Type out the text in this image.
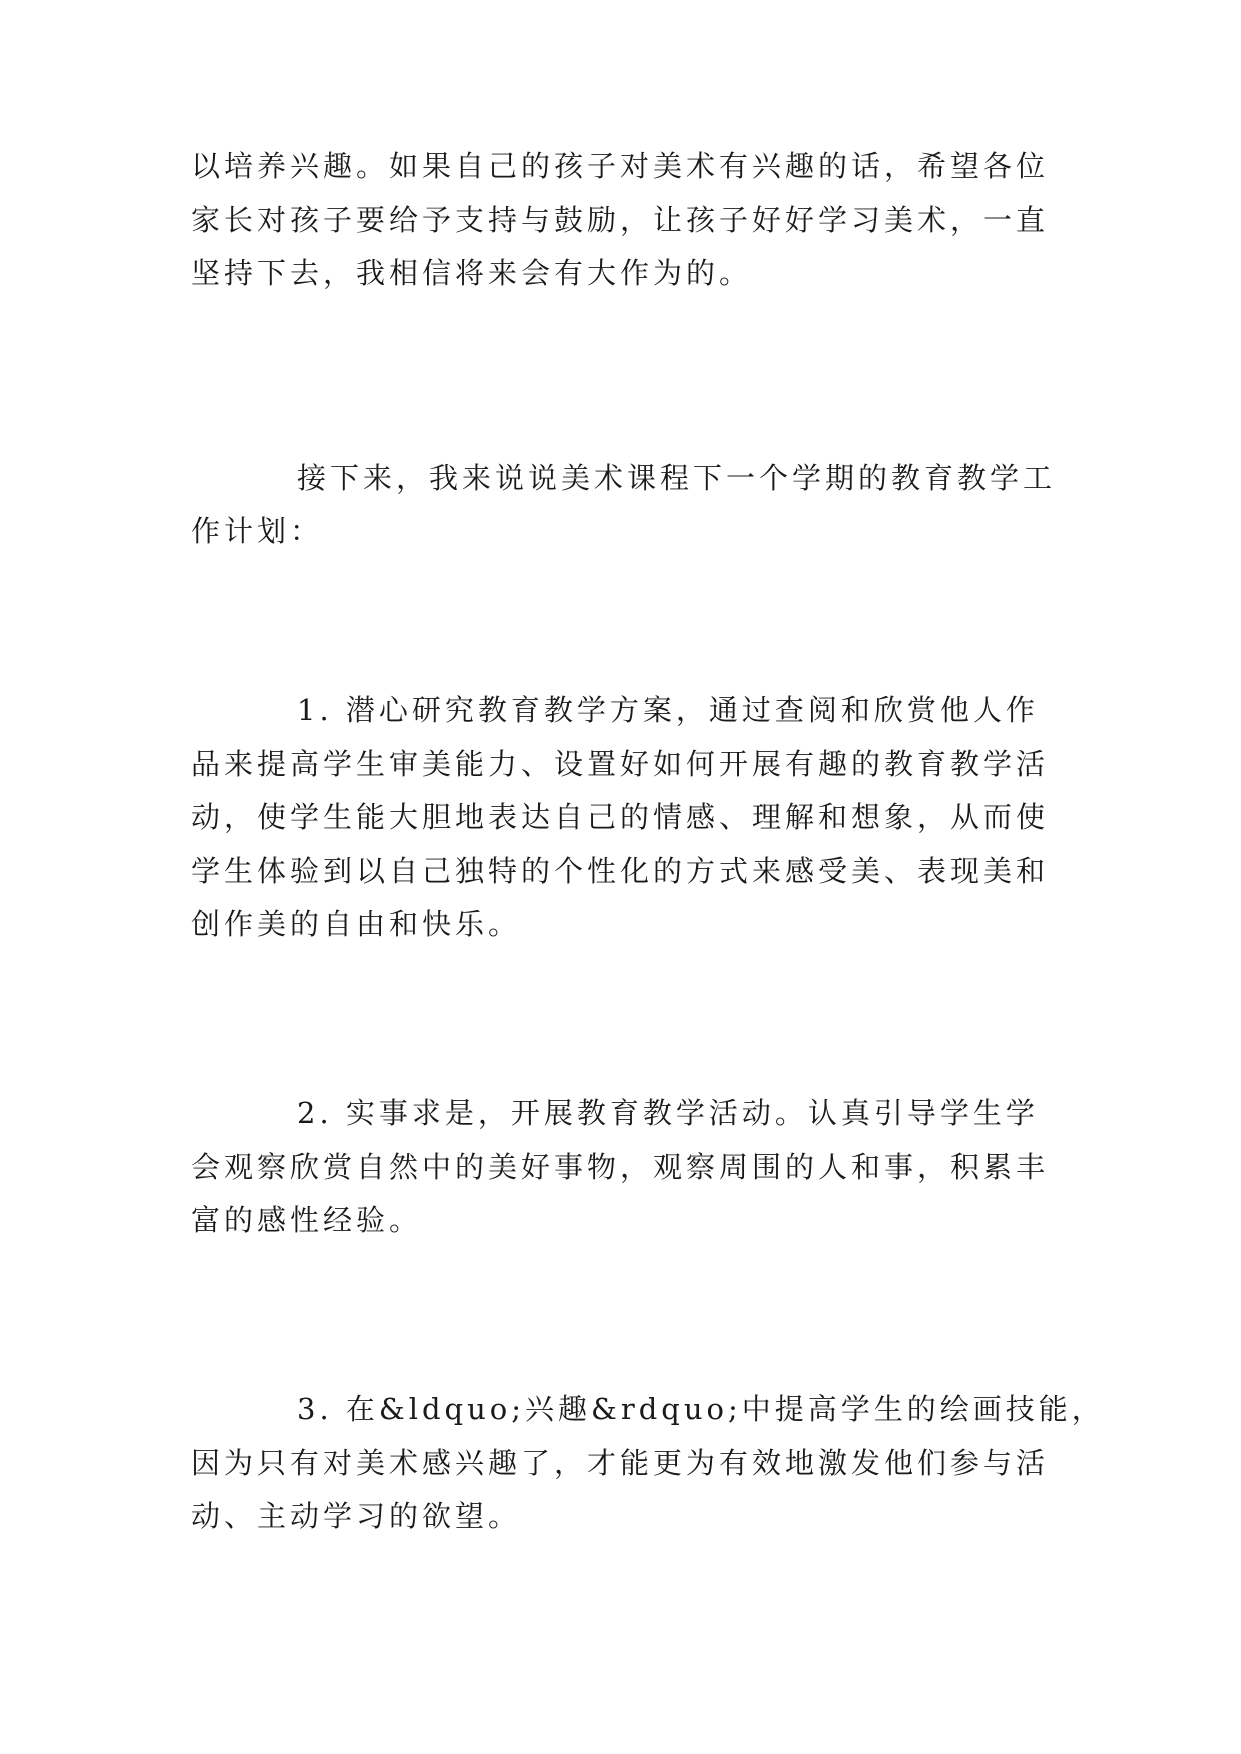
以培养兴趣。如果自己的孩子对美术有兴趣的话，希望各位

家长对孩子要给予支持与鼓励，让孩子好好学习美术，一直

坚持下去，我相信将来会有大作为的。

接下来，我来说说美术课程下一个学期的教育教学工

作计划：

1. 潜心研究教育教学方案，通过查阅和欣赏他人作

品来提高学生审美能力、设置好如何开展有趣的教育教学活

动，使学生能大胆地表达自己的情感、理解和想象，从而使

学生体验到以自己独特的个性化的方式来感受美、表现美和

创作美的自由和快乐。

2. 实事求是，开展教育教学活动。认真引导学生学

会观察欣赏自然中的美好事物，观察周围的人和事，积累丰

富的感性经验。

3. 在&ldquo;兴趣&rdquo;中提高学生的绘画技能，

因为只有对美术感兴趣了，才能更为有效地激发他们参与活

动、主动学习的欲望。
